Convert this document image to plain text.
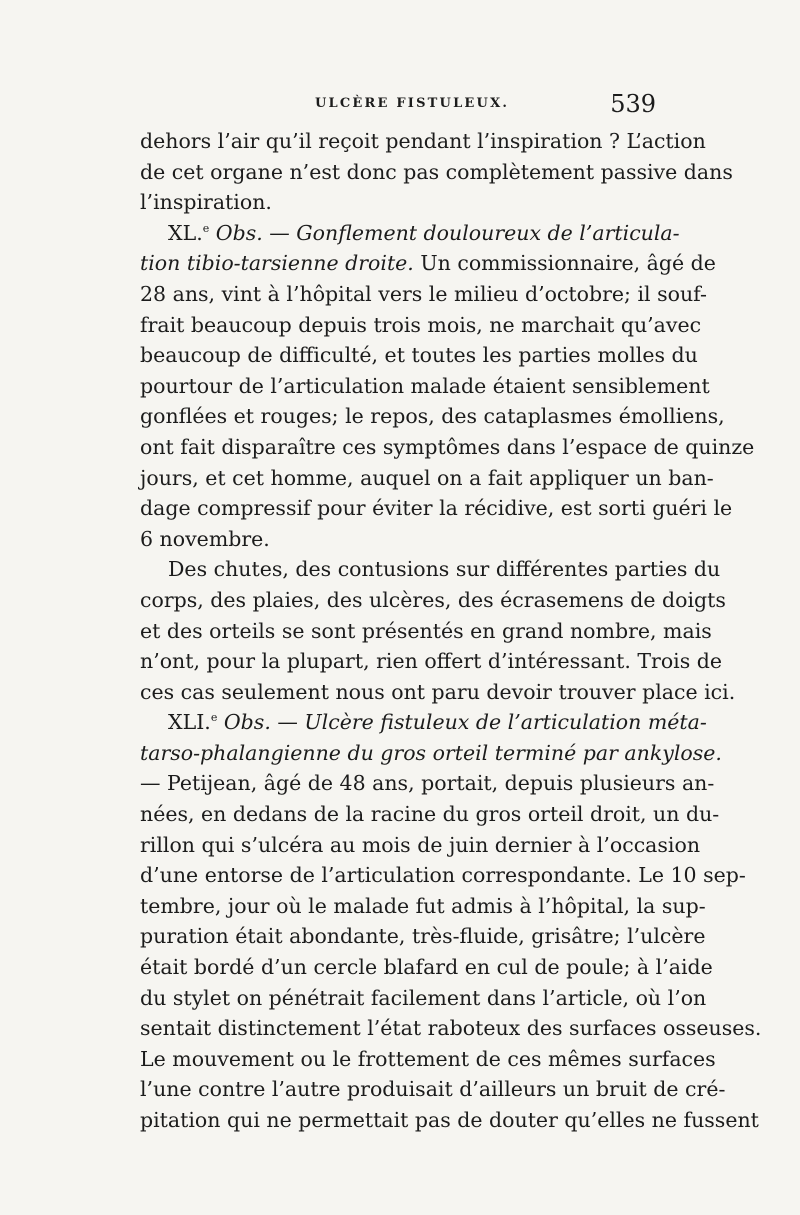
ULCÈRE FISTULEUX.	539
dehors l’air qu’il reçoit pendant l’inspiration ? L’action
de cet organe n’est donc pas complètement passive dans
l’inspiration.
XL.$^e$ Obs. — Gonflement douloureux de l’articula-
tion tibio-tarsienne droite. Un commissionnaire, âgé de
28 ans, vint à l’hôpital vers le milieu d’octobre; il souf-
frait beaucoup depuis trois mois, ne marchait qu’avec
beaucoup de difficulté, et toutes les parties molles du
pourtour de l’articulation malade étaient sensiblement
gonflées et rouges; le repos, des cataplasmes émolliens,
ont fait disparaître ces symptômes dans l’espace de quinze
jours, et cet homme, auquel on a fait appliquer un ban-
dage compressif pour éviter la récidive, est sorti guéri le
6 novembre.
Des chutes, des contusions sur différentes parties du
corps, des plaies, des ulcères, des écrasemens de doigts
et des orteils se sont présentés en grand nombre, mais
n’ont, pour la plupart, rien offert d’intéressant. Trois de
ces cas seulement nous ont paru devoir trouver place ici.
XLI.$^e$ Obs. — Ulcère fistuleux de l’articulation méta-
tarso-phalangienne du gros orteil terminé par ankylose.
— Petijean, âgé de 48 ans, portait, depuis plusieurs an-
nées, en dedans de la racine du gros orteil droit, un du-
rillon qui s’ulcéra au mois de juin dernier à l’occasion
d’une entorse de l’articulation correspondante. Le 10 sep-
tembre, jour où le malade fut admis à l’hôpital, la sup-
puration était abondante, très-fluide, grisâtre; l’ulcère
était bordé d’un cercle blafard en cul de poule; à l’aide
du stylet on pénétrait facilement dans l’article, où l’on
sentait distinctement l’état raboteux des surfaces osseuses.
Le mouvement ou le frottement de ces mêmes surfaces
l’une contre l’autre produisait d’ailleurs un bruit de cré-
pitation qui ne permettait pas de douter qu’elles ne fussent
